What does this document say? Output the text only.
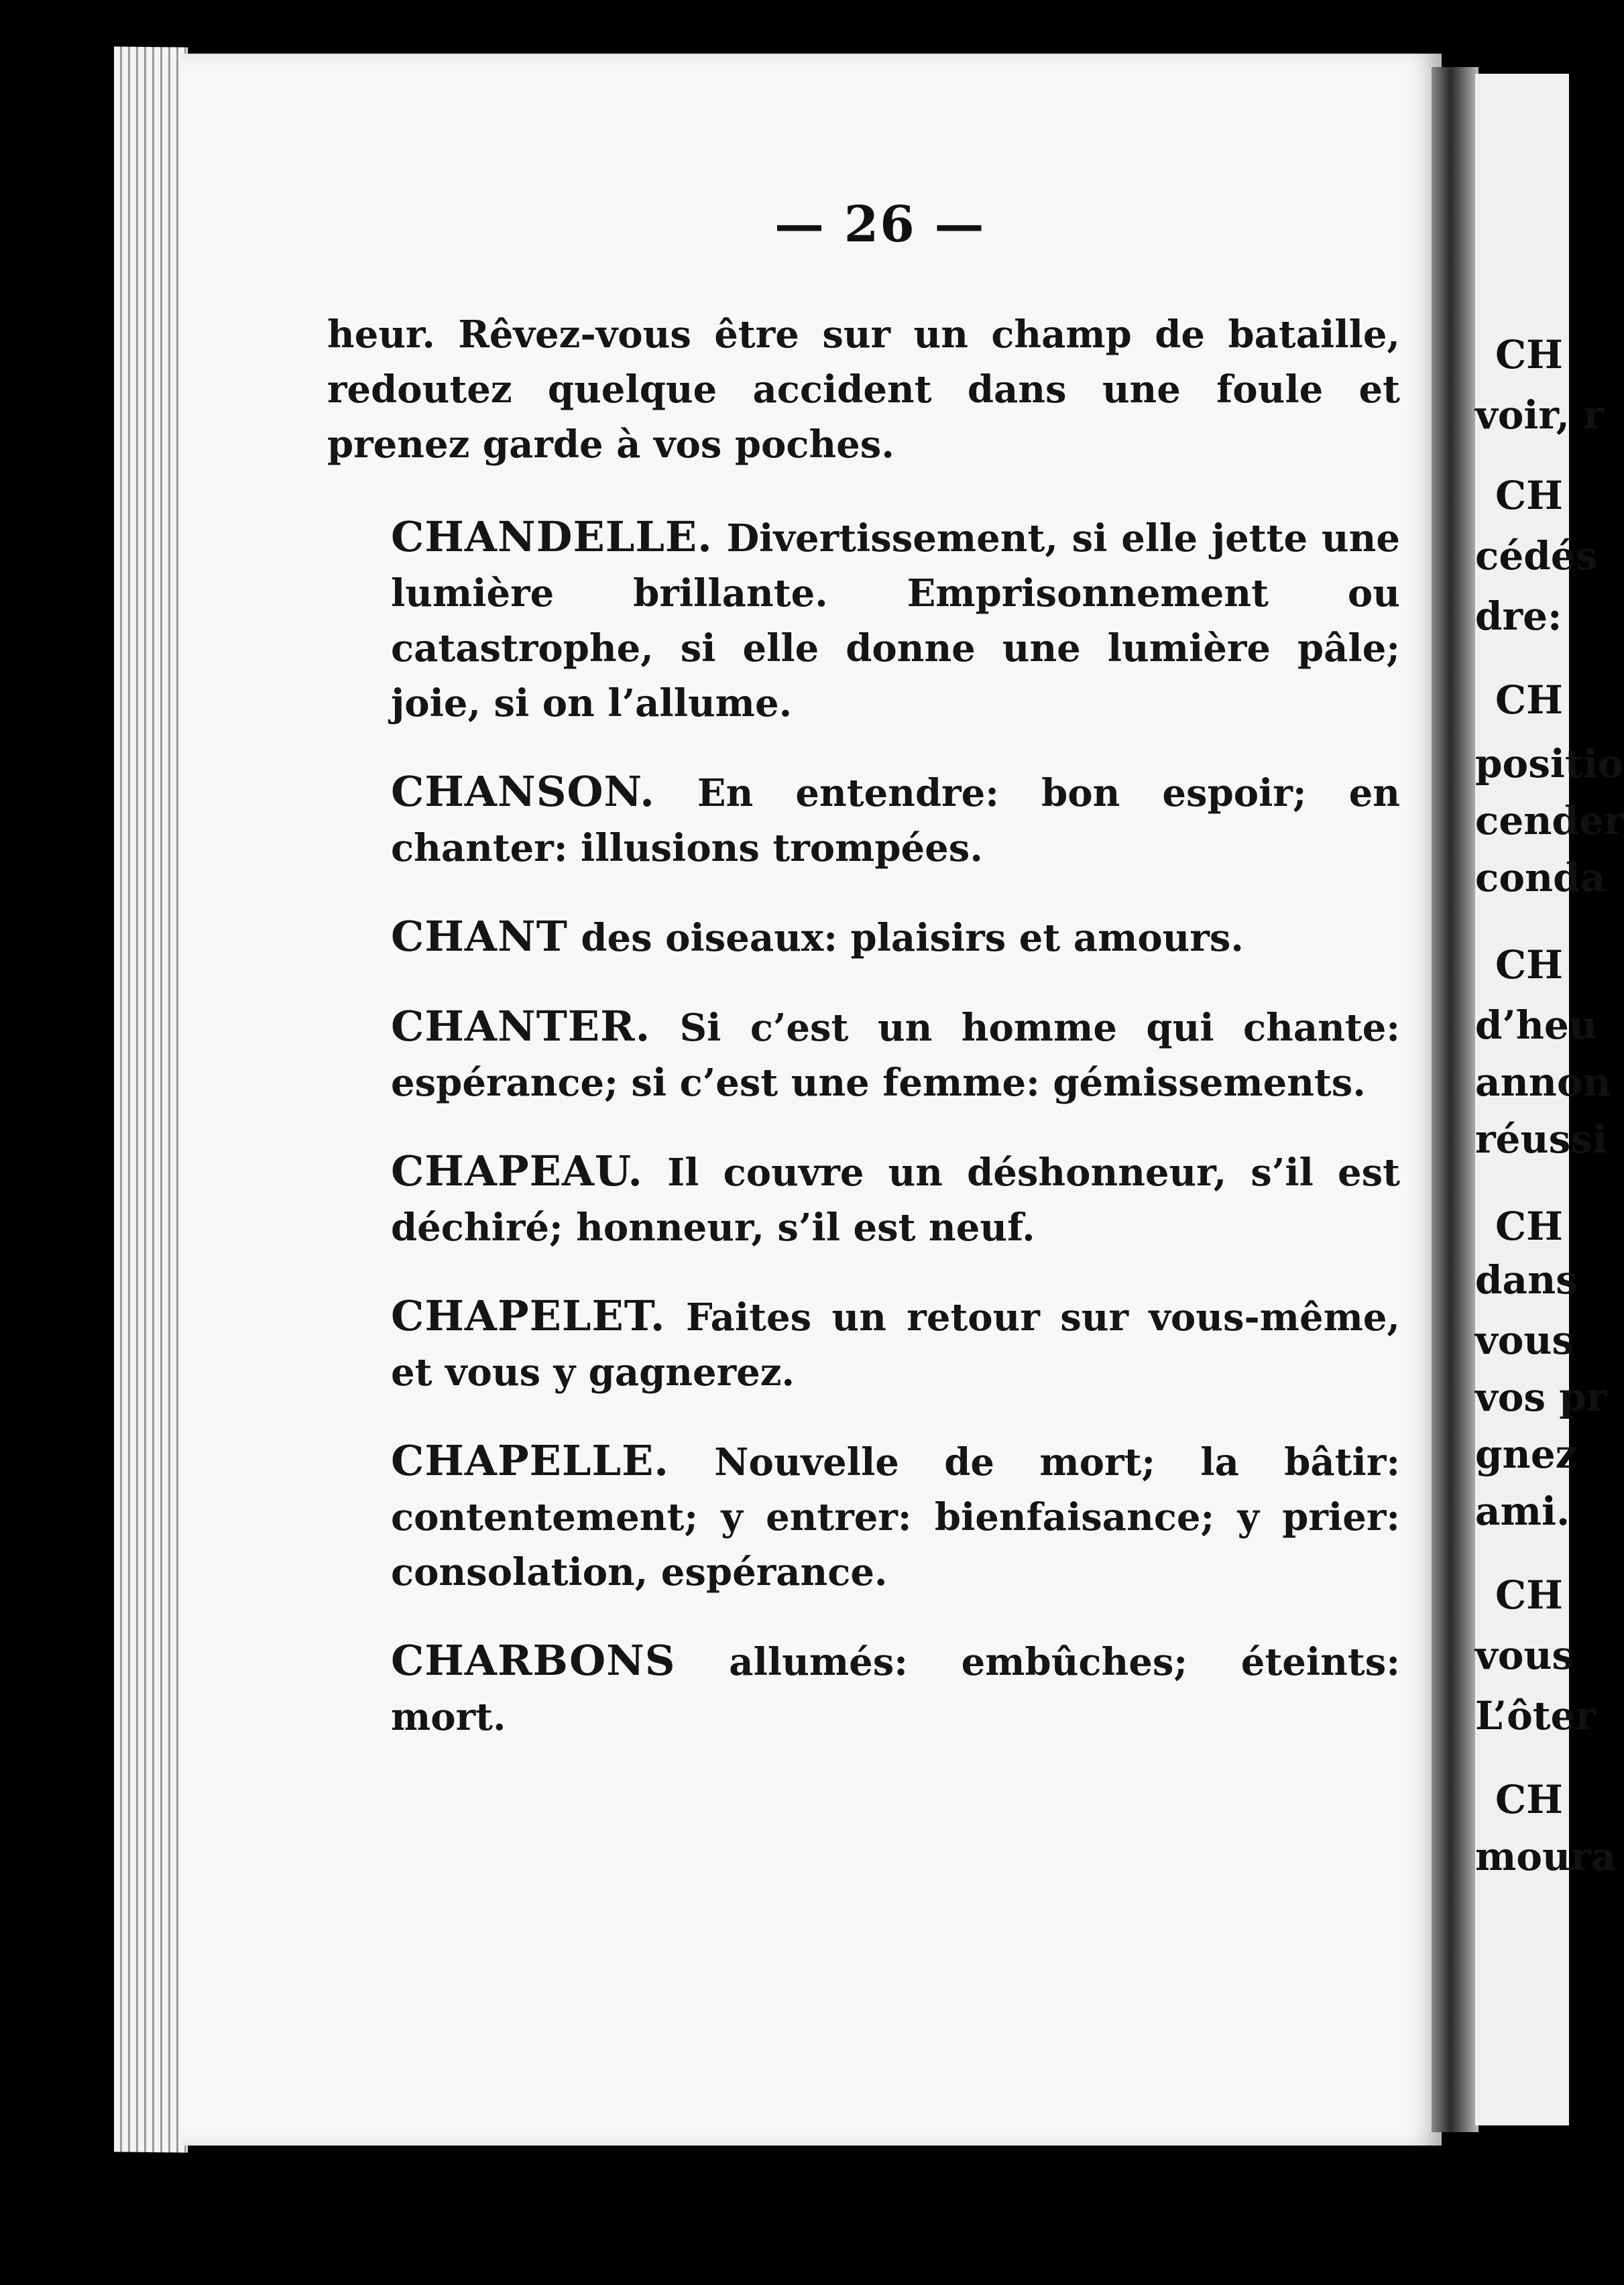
CH
voir, r
CH
cédés
dre:
CH
positio
cender
conda
CH
d’heu
annon
réussi
CH
dans
vous
vos pr
gnez
ami.
CH
vous
L’ôter
CH
moura
— 26 —

heur. Rêvez-vous être sur un champ de bataille, redoutez quelque accident dans une foule et prenez garde à vos poches.

CHANDELLE. Divertissement, si elle jette une lumière brillante. Emprisonnement ou catastrophe, si elle donne une lumière pâle; joie, si on l’allume.

CHANSON. En entendre: bon espoir; en chanter: illusions trompées.

CHANT des oiseaux: plaisirs et amours.

CHANTER. Si c’est un homme qui chante: espérance; si c’est une femme: gémissements.

CHAPEAU. Il couvre un déshonneur, s’il est déchiré; honneur, s’il est neuf.

CHAPELET. Faites un retour sur vous-même, et vous y gagnerez.

CHAPELLE. Nouvelle de mort; la bâtir: contentement; y entrer: bienfaisance; y prier: consolation, espérance.

CHARBONS allumés: embûches; éteints: mort.
